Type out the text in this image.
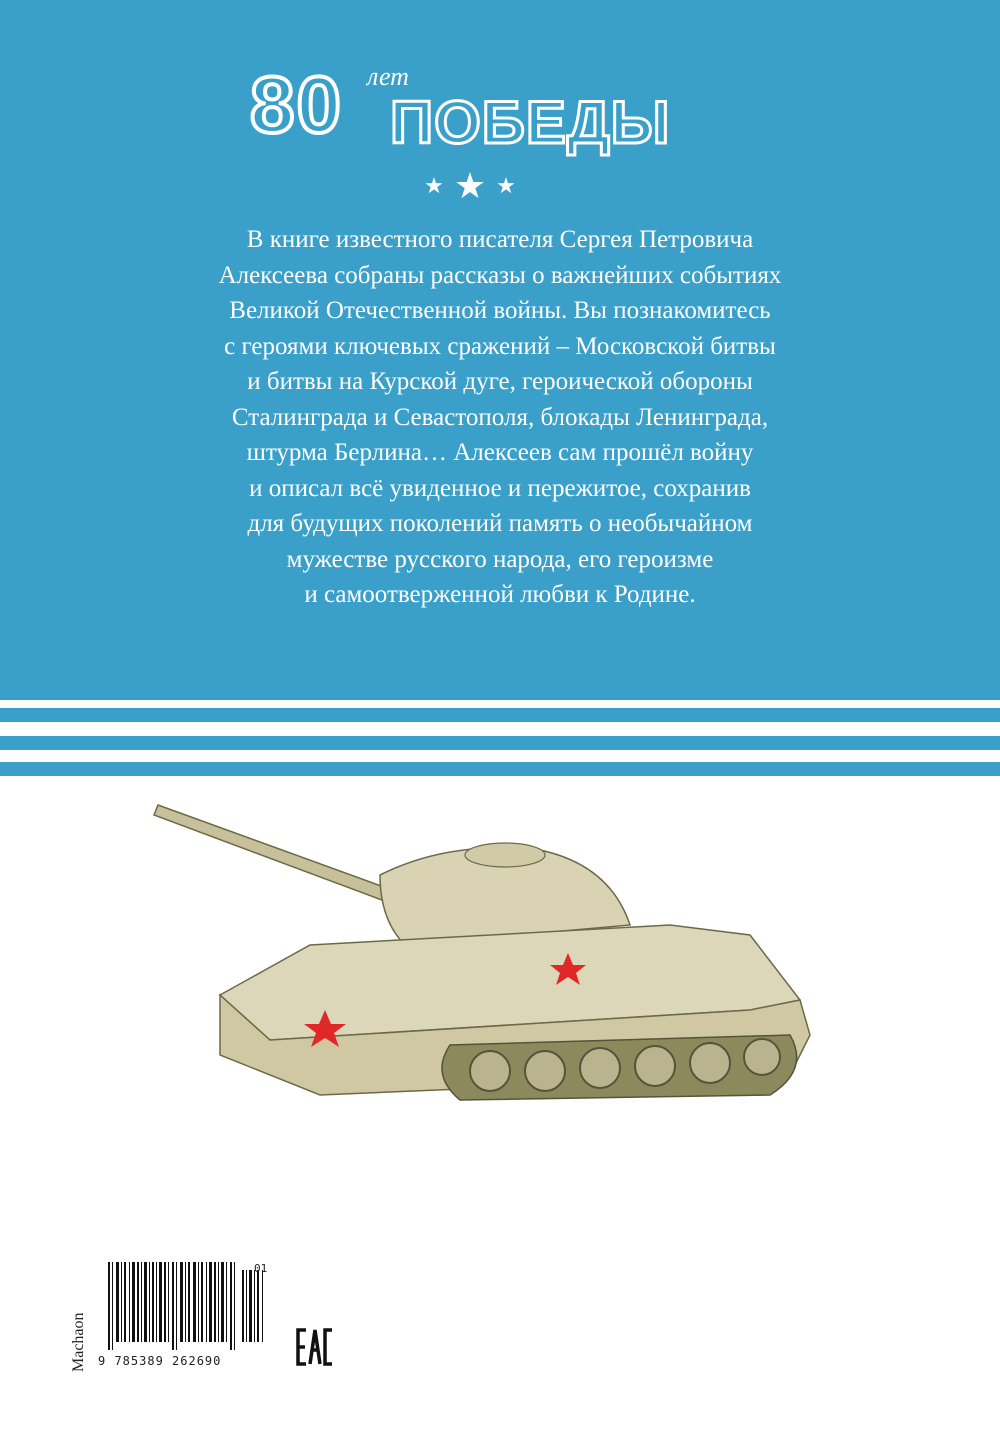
80 лет
ПОБЕДЫ
★ ★ ★
В книге известного писателя Сергея Петровича
Алексеева собраны рассказы о важнейших событиях
Великой Отечественной войны. Вы познакомитесь
с героями ключевых сражений – Московской битвы
и битвы на Курской дуге, героической обороны
Сталинграда и Севастополя, блокады Ленинграда,
штурма Берлина… Алексеев сам прошёл войну
и описал всё увиденное и пережитое, сохранив
для будущих поколений память о необычайном
мужестве русского народа, его героизме
и самоотверженной любви к Родине.
Machaon
01
9 785389 262690
